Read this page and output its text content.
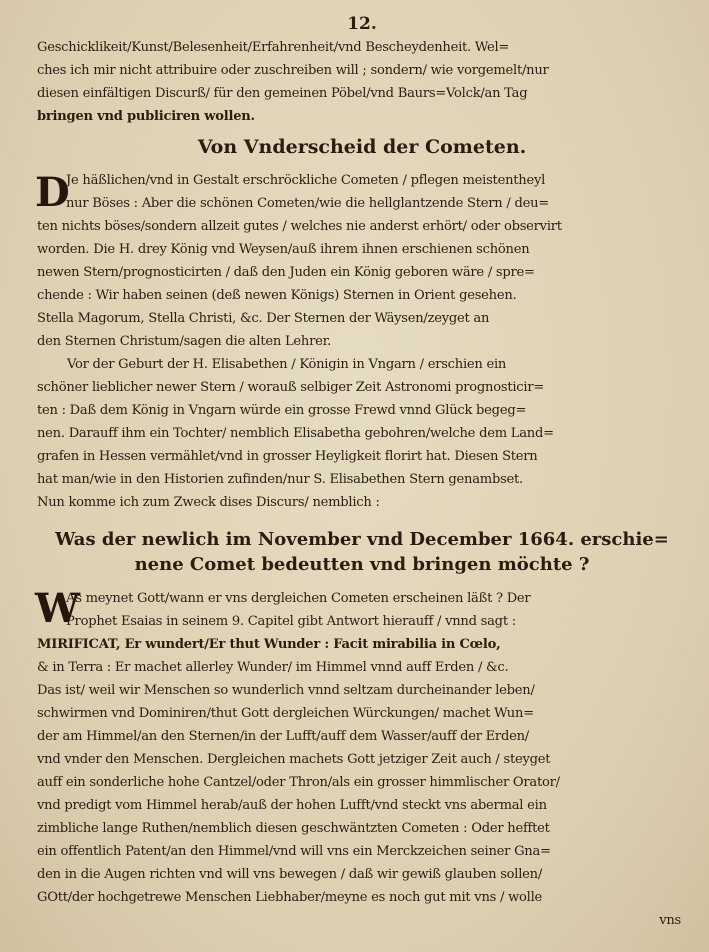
12.
Geschicklikeit/Kunst/Belesenheit/Erfahrenheit/vnd Bescheydenheit. Wel=
ches ich mir nicht attribuire oder zuschreiben will ; sondern/ wie vorgemelt/nur
diesen einfältigen Discurß/ für den gemeinen Pöbel/vnd Baurs=Volck/an Tag
bringen vnd publiciren wollen.
Von Vnderscheid der Cometen.
D
Je häßlichen/vnd in Gestalt erschröckliche Cometen / pflegen meistentheyl
nur Böses : Aber die schönen Cometen/wie die hellglantzende Stern / deu=
ten nichts böses/sondern allzeit gutes / welches nie anderst erhört/ oder observirt
worden. Die H. drey König vnd Weysen/auß ihrem ihnen erschienen schönen
newen Stern/prognosticirten / daß den Juden ein König geboren wäre / spre=
chende : Wir haben seinen (deß newen Königs) Sternen in Orient gesehen.
Stella Magorum, Stella Christi, &c. Der Sternen der Wäysen/zeyget an
den Sternen Christum/sagen die alten Lehrer.
Vor der Geburt der H. Elisabethen / Königin in Vngarn / erschien ein
schöner lieblicher newer Stern / worauß selbiger Zeit Astronomi prognosticir=
ten : Daß dem König in Vngarn würde ein grosse Frewd vnnd Glück begeg=
nen. Darauff ihm ein Tochter/ nemblich Elisabetha gebohren/welche dem Land=
grafen in Hessen vermählet/vnd in grosser Heyligkeit florirt hat. Diesen Stern
hat man/wie in den Historien zufinden/nur S. Elisabethen Stern genambset.
Nun komme ich zum Zweck dises Discurs/ nemblich :
Was der newlich im November vnd December 1664. erschie=
nene Comet bedeutten vnd bringen möchte ?
W
As meynet Gott/wann er vns dergleichen Cometen erscheinen läßt ? Der
Prophet Esaias in seinem 9. Capitel gibt Antwort hierauff / vnnd sagt :
MIRIFICAT, Er wundert/Er thut Wunder : Facit mirabilia in Cœlo,
& in Terra : Er machet allerley Wunder/ im Himmel vnnd auff Erden / &c.
Das ist/ weil wir Menschen so wunderlich vnnd seltzam durcheinander leben/
schwirmen vnd Dominiren/thut Gott dergleichen Würckungen/ machet Wun=
der am Himmel/an den Sternen/in der Lufft/auff dem Wasser/auff der Erden/
vnd vnder den Menschen. Dergleichen machets Gott jetziger Zeit auch / steyget
auff ein sonderliche hohe Cantzel/oder Thron/als ein grosser himmlischer Orator/
vnd predigt vom Himmel herab/auß der hohen Lufft/vnd steckt vns abermal ein
zimbliche lange Ruthen/nemblich diesen geschwäntzten Cometen : Oder hefftet
ein offentlich Patent/an den Himmel/vnd will vns ein Merckzeichen seiner Gna=
den in die Augen richten vnd will vns bewegen / daß wir gewiß glauben sollen/
GOtt/der hochgetrewe Menschen Liebhaber/meyne es noch gut mit vns / wolle
vns
